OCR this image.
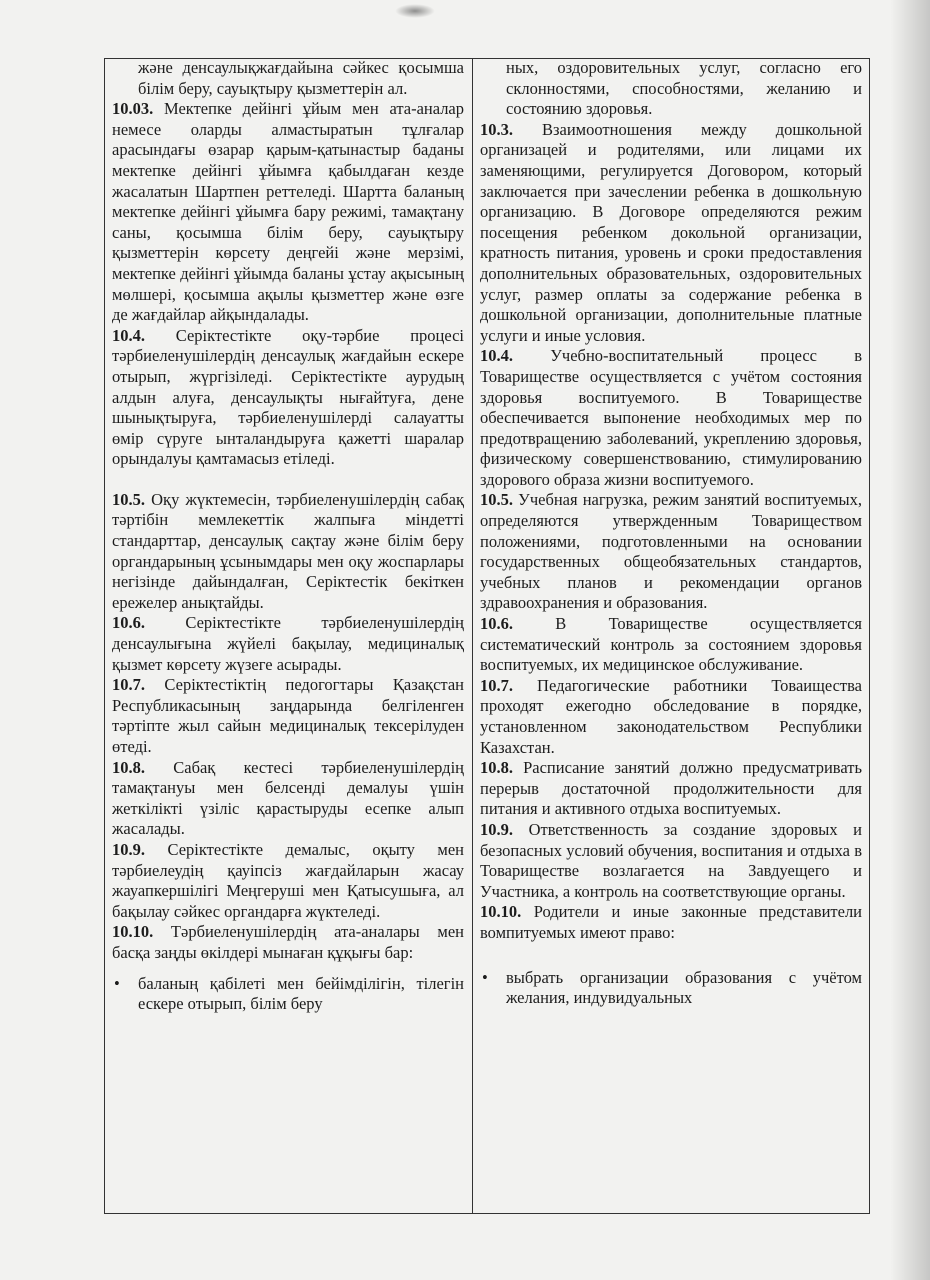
және денсаулықжағдайына сәйкес қосымша білім беру, сауықтыру қызметтерін ал.

10.03. Мектепке дейінгі ұйым мен ата-аналар немесе оларды алмастыратын тұлғалар арасындағы өзарар қарым-қатынастыр баданы мектепке дейінгі ұйымға қабылдаған кезде жасалатын Шартпен реттеледі. Шартта баланың мектепке дейінгі ұйымға бару режимі, тамақтану саны, қосымша білім беру, сауықтыру қызметтерін көрсету деңгейі және мерзімі, мектепке дейінгі ұйымда баланы ұстау ақысының мөлшері, қосымша ақылы қызметтер және өзге де жағдайлар айқындалады.

10.4. Серіктестікте оқу-тәрбие процесі тәрбиеленушілердің денсаулық жағдайын ескере отырып, жүргізіледі. Серіктестікте аурудың алдын алуға, денсаулықты нығайтуға, дене шынықтыруға, тәрбиеленушілерді салауатты өмір сүруге ынталандыруға қажетті шаралар орындалуы қамтамасыз етіледі.

10.5. Оқу жүктемесін, тәрбиеленушілердің сабақ тәртібін мемлекеттік жалпыға міндетті стандарттар, денсаулық сақтау және білім беру органдарының ұсынымдары мен оқу жоспарлары негізінде дайындалған, Серіктестік бекіткен ережелер анықтайды.

10.6. Серіктестікте тәрбиеленушілердің денсаулығына жүйелі бақылау, медициналық қызмет көрсету жүзеге асырады.

10.7. Серіктестіктің педогогтары Қазақстан Республикасының заңдарында белгіленген тәртіпте жыл сайын медициналық тексерілуден өтеді.

10.8. Сабақ кестесі тәрбиеленушілердің тамақтануы мен белсенді демалуы үшін жеткілікті үзіліс қарастыруды есепке алып жасалады.

10.9. Серіктестікте демалыс, оқыту мен тәрбиелеудің қауіпсіз жағдайларын жасау жауапкершілігі Меңгеруші мен Қатысушыға, ал бақылау сәйкес органдарға жүктеледі.

10.10. Тәрбиеленушілердің ата-аналары мен басқа заңды өкілдері мынаған құқығы бар:

• баланың қабілеті мен бейімділігін, тілегін ескере отырып, білім беру

ных, оздоровительных услуг, согласно его склонностями, способностями, желанию и состоянию здоровья.

10.3. Взаимоотношения между дошкольной организацей и родителями, или лицами их заменяющими, регулируется Договором, который заключается при зачеслении ребенка в дошкольную организацию. В Договоре определяются режим посещения ребенком докольной организации, кратность питания, уровень и сроки предоставления дополнительных образовательных, оздоровительных услуг, размер оплаты за содержание ребенка в дошкольной организации, дополнительные платные услуги и иные условия.

10.4. Учебно-воспитательный процесс в Товариществе осуществляется с учётом состояния здоровья воспитуемого. В Товариществе обеспечивается выпонение необходимых мер по предотвращению заболеваний, укреплению здоровья, физическому совершенствованию, стимулированию здорового образа жизни воспитуемого.

10.5. Учебная нагрузка, режим занятий воспитуемых, определяются утвержденным Товариществом положениями, подготовленными на основании государственных общеобязательных стандартов, учебных планов и рекомендации органов здравоохранения и образования.

10.6.	В Товариществе осуществляется систематический контроль за состоянием здоровья воспитуемых, их медицинское обслуживание.

10.7. Педагогические работники Товаищества проходят ежегодно обследование в порядке, установленном законодательством Республики Казахстан.

10.8. Расписание занятий должно предусматривать перерыв достаточной продолжительности для питания и активного отдыха воспитуемых.

10.9. Ответственность за создание здоровых и безопасных условий обучения, воспитания и отдыха в Товариществе возлагается на Завдуещего и Участника, а контроль на соответствующие органы.

10.10. Родители и иные законные представители вомпитуемых имеют право:

• выбрать организации образования с учётом желания, индувидуальных
